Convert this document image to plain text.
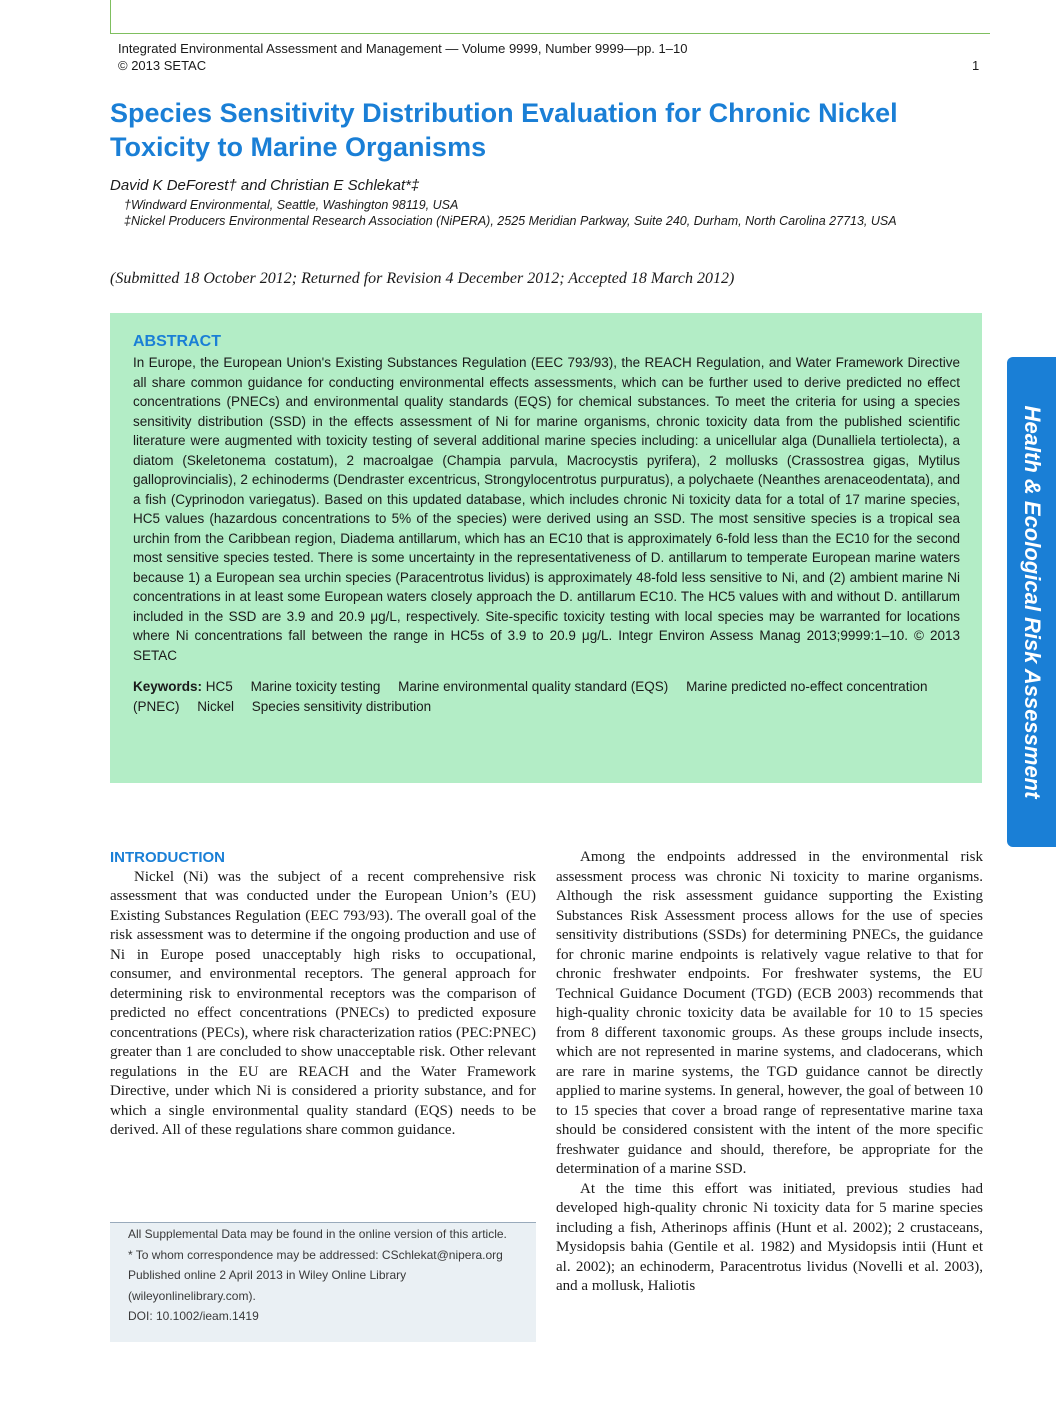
Integrated Environmental Assessment and Management — Volume 9999, Number 9999—pp. 1–10
© 2013 SETAC	1
Species Sensitivity Distribution Evaluation for Chronic Nickel Toxicity to Marine Organisms
David K DeForest† and Christian E Schlekat*‡
†Windward Environmental, Seattle, Washington 98119, USA
‡Nickel Producers Environmental Research Association (NiPERA), 2525 Meridian Parkway, Suite 240, Durham, North Carolina 27713, USA
(Submitted 18 October 2012; Returned for Revision 4 December 2012; Accepted 18 March 2012)
ABSTRACT

In Europe, the European Union's Existing Substances Regulation (EEC 793/93), the REACH Regulation, and Water Framework Directive all share common guidance for conducting environmental effects assessments, which can be further used to derive predicted no effect concentrations (PNECs) and environmental quality standards (EQS) for chemical substances. To meet the criteria for using a species sensitivity distribution (SSD) in the effects assessment of Ni for marine organisms, chronic toxicity data from the published scientific literature were augmented with toxicity testing of several additional marine species including: a unicellular alga (Dunalliela tertiolecta), a diatom (Skeletonema costatum), 2 macroalgae (Champia parvula, Macrocystis pyrifera), 2 mollusks (Crassostrea gigas, Mytilus galloprovincialis), 2 echinoderms (Dendraster excentricus, Strongylocentrotus purpuratus), a polychaete (Neanthes arenaceodentata), and a fish (Cyprinodon variegatus). Based on this updated database, which includes chronic Ni toxicity data for a total of 17 marine species, HC5 values (hazardous concentrations to 5% of the species) were derived using an SSD. The most sensitive species is a tropical sea urchin from the Caribbean region, Diadema antillarum, which has an EC10 that is approximately 6-fold less than the EC10 for the second most sensitive species tested. There is some uncertainty in the representativeness of D. antillarum to temperate European marine waters because 1) a European sea urchin species (Paracentrotus lividus) is approximately 48-fold less sensitive to Ni, and (2) ambient marine Ni concentrations in at least some European waters closely approach the D. antillarum EC10. The HC5 values with and without D. antillarum included in the SSD are 3.9 and 20.9 μg/L, respectively. Site-specific toxicity testing with local species may be warranted for locations where Ni concentrations fall between the range in HC5s of 3.9 to 20.9 μg/L. Integr Environ Assess Manag 2013;9999:1–10. © 2013 SETAC

Keywords: HC5 Marine toxicity testing Marine environmental quality standard (EQS) Marine predicted no-effect concentration (PNEC) Nickel Species sensitivity distribution	Health & Ecological Risk Assessment
INTRODUCTION

Nickel (Ni) was the subject of a recent comprehensive risk assessment that was conducted under the European Union’s (EU) Existing Substances Regulation (EEC 793/93). The overall goal of the risk assessment was to determine if the ongoing production and use of Ni in Europe posed unacceptably high risks to occupational, consumer, and environmental receptors. The general approach for determining risk to environmental receptors was the comparison of predicted no effect concentrations (PNECs) to predicted exposure concentrations (PECs), where risk characterization ratios (PEC:PNEC) greater than 1 are concluded to show unacceptable risk. Other relevant regulations in the EU are REACH and the Water Framework Directive, under which Ni is considered a priority substance, and for which a single environmental quality standard (EQS) needs to be derived. All of these regulations share common guidance.

Among the endpoints addressed in the environmental risk assessment process was chronic Ni toxicity to marine organisms. Although the risk assessment guidance supporting the Existing Substances Risk Assessment process allows for the use of species sensitivity distributions (SSDs) for determining PNECs, the guidance for chronic marine endpoints is relatively vague relative to that for chronic freshwater endpoints. For freshwater systems, the EU Technical Guidance Document (TGD) (ECB 2003) recommends that high-quality chronic toxicity data be available for 10 to 15 species from 8 different taxonomic groups. As these groups include insects, which are not represented in marine systems, and cladocerans, which are rare in marine systems, the TGD guidance cannot be directly applied to marine systems. In general, however, the goal of between 10 to 15 species that cover a broad range of representative marine taxa should be considered consistent with the intent of the more specific freshwater guidance and should, therefore, be appropriate for the determination of a marine SSD.

At the time this effort was initiated, previous studies had developed high-quality chronic Ni toxicity data for 5 marine species including a fish, Atherinops affinis (Hunt et al. 2002); 2 crustaceans, Mysidopsis bahia (Gentile et al. 1982) and Mysidopsis intii (Hunt et al. 2002); an echinoderm, Paracentrotus lividus (Novelli et al. 2003), and a mollusk, Haliotis

All Supplemental Data may be found in the online version of this article.
* To whom correspondence may be addressed: CSchlekat@nipera.org
Published online 2 April 2013 in Wiley Online Library
(wileyonlinelibrary.com).
DOI: 10.1002/ieam.1419
